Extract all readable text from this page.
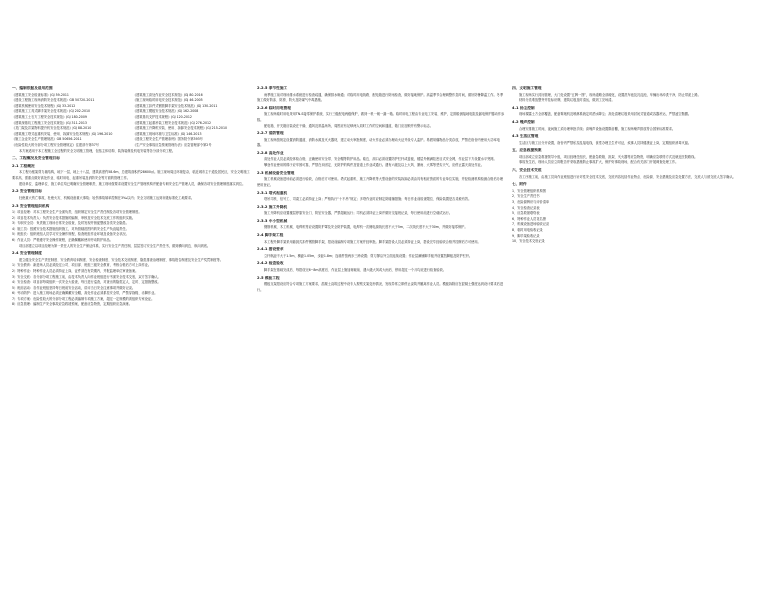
一、编制依据及适用范围
《建筑施工安全检查标准》JGJ 59-2011	《建筑施工高处作业安全技术规范》JGJ 80-2016
《建设工程施工现场消防安全技术规范》GB 50720-2011	《施工现场临时用电安全技术规范》JGJ 46-2005
《建筑机械使用安全技术规程》JGJ 33-2012	《建筑施工扣件式钢管脚手架安全技术规范》JGJ 130-2011
《建筑施工工具式脚手架安全技术规范》JGJ 202-2010	《建筑施工模板安全技术规范》JGJ 162-2008
《建筑施工土石方工程安全技术规范》JGJ 180-2009	《建筑基坑支护技术规程》JGJ 120-2012
《建筑深基坑工程施工安全技术规范》JGJ 311-2013	《建筑施工起重吊装工程安全技术规范》JGJ 276-2012
《龙门架及井架物料提升机安全技术规范》JGJ 88-2010	《建筑施工升降机安装、使用、拆卸安全技术规程》JGJ 215-2010
《建筑施工塔式起重机安装、使用、拆卸安全技术规程》JGJ 196-2010	《建筑施工现场环境与卫生标准》JGJ 146-2013
《施工企业安全生产管理规范》GB 50656-2011	《建设工程安全生产管理条例》国务院令第393号
《危险性较大的分部分项工程安全管理规定》住建部令第37号	《生产安全事故应急预案管理办法》应急管理部令第2号

本方案适用于本工程施工全过程的安全文明施工管理，包括主体结构、装饰装修及机电安装等各分部分项工程。

二、工程概况及安全管理目标
2.1 工程概况

本工程为框架剪力墙结构，地下一层，地上十八层，建筑高度约58.6m，总建筑面积约28600㎡。施工现场周边环境复杂，临近城市主干道及居民区，安全文明施工要求高，需重点做好高处作业、临时用电、起重吊装及消防安全等方面的管理工作。

建设单位、监理单位、施工单位均已明确安全管理职责，施工现场按要求设置安全生产管理机构并配备专职安全生产管理人员，确保各项安全管理制度落实到位。

2.2 安全管理目标

杜绝重大伤亡事故，杜绝火灾、机械设备重大事故；轻伤事故频率控制在3‰以内；安全文明施工达到市级标准化工地要求。

2.3 安全管理组织机构
1）项目经理：对本工程安全生产全面负责，组织制定安全生产责任制及各项安全管理制度。
2）项目技术负责人：负责安全技术措施的编制、审核及安全技术交底工作的组织实施。
3）专职安全员：负责施工现场日常安全检查，及时发现并督促整改各类安全隐患。
4）施工员：按照安全技术措施组织施工，对所管辖范围内的安全生产负直接责任。
5）班组长：组织班组人员学习安全操作规程，检查班组作业环境及设备安全状况。
6）作业人员：严格遵守安全操作规程，正确佩戴和使用劳动防护用品。

项目部建立以项目经理为第一责任人的安全生产保证体系，实行安全生产责任制，层层签订安全生产责任书，做到横向到边、纵向到底。

2.4 安全管理制度

建立健全安全生产责任制度、安全教育培训制度、安全检查制度、安全技术交底制度、隐患排查治理制度、事故报告制度及安全生产奖罚制度等。

1）安全教育：新进场人员必须经过公司、项目部、班组三级安全教育，考核合格后方可上岗作业。

2）特种作业：特种作业人员必须持证上岗，证件须在有效期内，并报监理单位审查备案。

3）安全交底：各分部分项工程施工前，由技术负责人向作业班组进行书面安全技术交底，双方签字确认。

4）安全检查：项目部每周组织一次安全大检查，每日进行巡查，对查出的隐患定人、定时、定措施整改。

5）班前活动：各作业班组坚持每日班前安全活动，讲评当日安全注意事项并做好记录。

6）劳动防护：进入施工现场必须正确佩戴安全帽，高处作业必须系挂安全带，严禁穿拖鞋、赤脚作业。

7）专项方案：危险性较大的分部分项工程必须编制专项施工方案，超过一定规模的须组织专家论证。

8）应急管理：编制生产安全事故应急救援预案，配备应急物资，定期组织应急演练。

2.2.5 季节性施工

雨季施工前对现场排水系统进行检查疏通，确保排水畅通；对临时用电线路、配电箱进行防雨检查，做好接地保护。高温季节合理调整作息时间，做好防暑降温工作。冬季施工做好防冻、防滑、防火及防煤气中毒措施。

2.2.6 临时用电管理

施工现场临时用电采用TN-S接零保护系统，实行三级配电两级保护，做到一机一闸一漏一箱。临时用电工程由专业电工安装、维护，定期检测接地电阻及漏电保护器动作参数。

配电箱、开关箱应装设在干燥、通风及常温场所，周围应有足够两人同时工作的空间和通道，箱门应加锁并有警示标志。

2.2.7 消防管理

施工现场按规定设置消防通道、消防水源及灭火器材，建立动火审批制度，动火作业必须办理动火证并设专人监护。易燃易爆物品分类存放，严禁在宿舍内使用大功率电器。

2.2.8 高处作业

高处作业人员必须经体检合格，正确使用安全带、安全帽等防护用品。临边、洞口必须设置防护栏杆或盖板，楼层外侧满挂密目式安全网，作业层下方设置水平兜网。

攀登作业使用的梯子应牢固可靠，严禁在未固定、无防护的构件及管道上作业或通行。遇有六级及以上大风、暴雨、大雾等恶劣天气，应停止露天高处作业。

2.3 机械设备安全管理

施工机械设备进场前必须进行验收，合格后方可使用。塔式起重机、施工升降机等大型设备的安装拆卸必须由具有相应资质的专业单位实施，并经检测机构检测合格后办理使用登记。

2.3.1 塔式起重机

塔吊司机、信号工、司索工必须持证上岗；严格执行“十不吊”规定；多塔作业时应制定防碰撞措施；每日作业前检查限位、保险装置是否灵敏有效。

2.3.2 施工升降机

施工升降机应设置楼层停靠安全门、防坠安全器，严禁超载运行；司机必须持证上岗并做好交接班记录，每日使用前进行空载试运行。

2.3.3 中小型机械

钢筋机械、木工机械、电焊机等应设置防护罩及安全防护装置，电焊机一次侧电源线长度不大于5m，二次线长度不大于30m，并做好接零保护。

2.4 脚手架工程

本工程外脚手架采用悬挑式扣件钢管脚手架，搭设前编制专项施工方案并经审批。脚手架搭设人员必须持证上岗，搭设完毕经验收合格并挂牌后方可使用。

2.4.1 搭设要求

立杆纵距不大于1.5m，横距1.05m，步距1.8m；连墙件按两步三跨设置；剪刀撑沿外立面连续设置；作业层满铺脚手板并设置挡脚板及防护栏杆。

2.4.2 检查验收

脚手架在基础完成后、每搭设完6~8m高度后、作业层上施加荷载前、遇六级大风或大雨后、停用超过一个月均应进行检查验收。

2.5 模板工程

模板支架搭设应符合专项施工方案要求，混凝土浇筑过程中设专人观察支架变形情况，发现异常立即停止浇筑并撤离作业人员。模板拆除应在混凝土强度达到设计要求后进行。

四、文明施工管理

施工现场实行封闭管理，大门处设置“五牌一图”，现场道路全部硬化，设置洗车池及沉淀池，车辆出场冲洗干净，防止带泥上路。

材料分类堆放整齐并挂标识牌，建筑垃圾及时清运，做到工完场清。

4.1 扬尘控制

现场裸露土方全部覆盖，配备雾炮机及喷淋系统定时洒水降尘；高处清理垃圾采用封闭式管道或容器吊运，严禁凌空抛撒。

4.2 噪声控制

合理安排施工时间，夜间施工须办理审批手续；高噪声设备设置隔音棚，施工现场噪声排放符合国家标准要求。

4.3 生活区管理

生活区与施工区分开设置，宿舍内严禁私拉乱接电线，食堂办理卫生许可证，炊事人员持健康证上岗，定期组织消毒灭鼠。

五、应急救援预案

项目部成立应急救援领导小组，项目经理任组长，配备急救箱、担架、灭火器等应急物资，明确应急联络方式及就近医院路线。

事故发生后，现场人员应立即报告并采取措施防止事故扩大，保护好事故现场，配合有关部门开展调查处理工作。

六、安全技术交底

各工序施工前，由施工员向作业班组进行针对性安全技术交底，交底内容包括作业特点、危险源、安全措施及应急处置方法，交底人与被交底人签字确认。

七、附件
1、安全管理组织机构图
2、安全生产责任书
3、危险源辨识与评价清单
4、安全检查记录表
5、应急救援联络表
6、特种作业人员花名册
7、机械设备进场验收记录
8、临时用电验收记录
9、脚手架验收记录
10、安全技术交底记录
